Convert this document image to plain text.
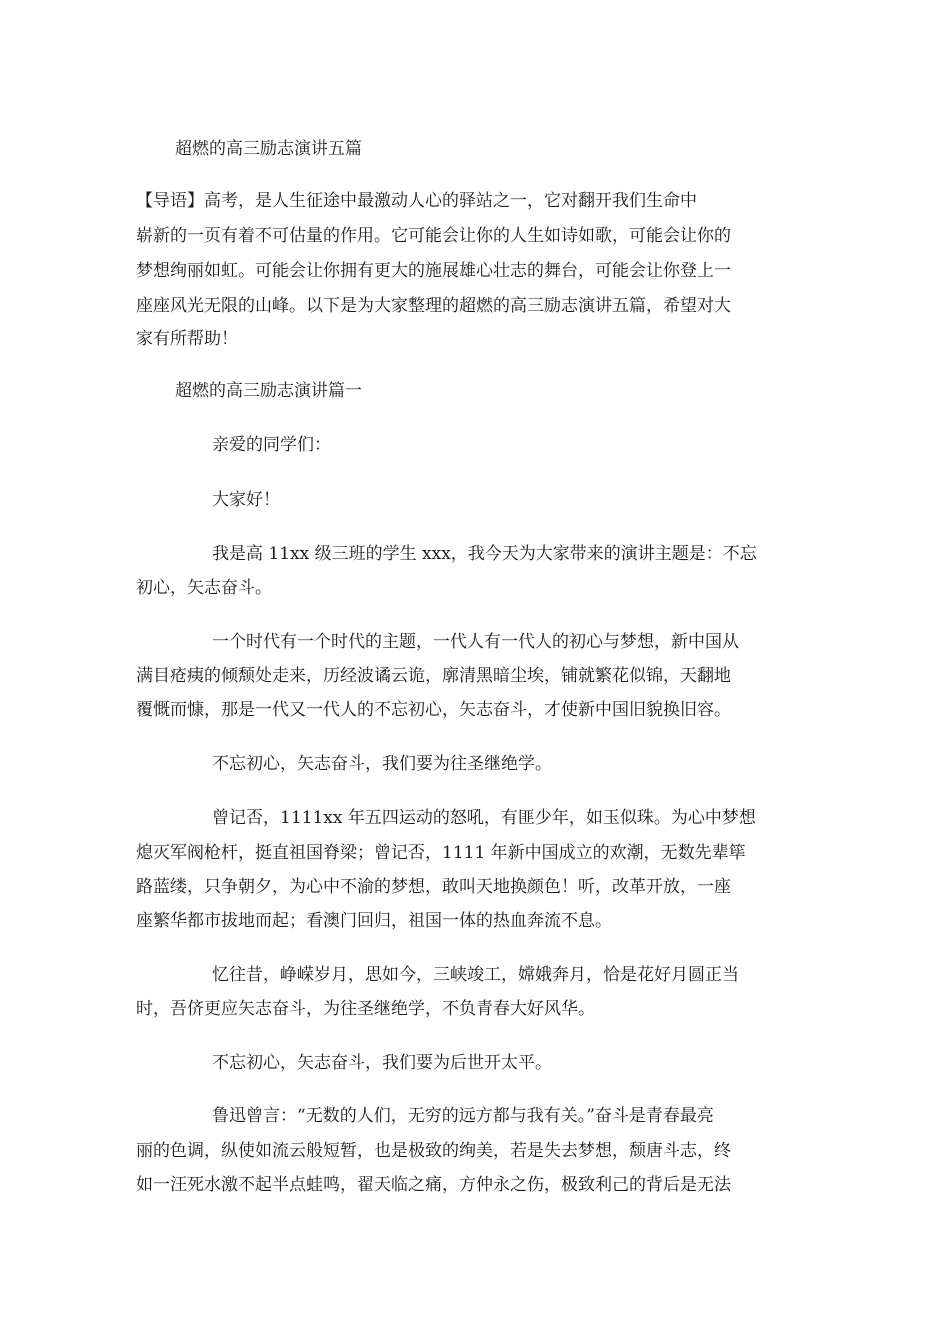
超燃的高三励志演讲五篇

【导语】高考，是人生征途中最激动人心的驿站之一，它对翻开我们生命中

崭新的一页有着不可估量的作用。它可能会让你的人生如诗如歌，可能会让你的

梦想绚丽如虹。可能会让你拥有更大的施展雄心壮志的舞台，可能会让你登上一

座座风光无限的山峰。以下是为大家整理的超燃的高三励志演讲五篇，希望对大

家有所帮助！

超燃的高三励志演讲篇一

亲爱的同学们：

大家好！

我是高 11xx 级三班的学生 xxx，我今天为大家带来的演讲主题是：不忘

初心，矢志奋斗。

一个时代有一个时代的主题，一代人有一代人的初心与梦想，新中国从

满目疮痍的倾颓处走来，历经波谲云诡，廓清黑暗尘埃，铺就繁花似锦，天翻地

覆慨而慷，那是一代又一代人的不忘初心，矢志奋斗，才使新中国旧貌换旧容。

不忘初心，矢志奋斗，我们要为往圣继绝学。

曾记否，1111xx 年五四运动的怒吼，有匪少年，如玉似珠。为心中梦想

熄灭军阀枪杆，挺直祖国脊梁；曾记否，1111 年新中国成立的欢潮，无数先辈筚

路蓝缕，只争朝夕，为心中不渝的梦想，敢叫天地换颜色！听，改革开放，一座

座繁华都市拔地而起；看澳门回归，祖国一体的热血奔流不息。

忆往昔，峥嵘岁月，思如今，三峡竣工，嫦娥奔月，恰是花好月圆正当

时，吾侪更应矢志奋斗，为往圣继绝学，不负青春大好风华。

不忘初心，矢志奋斗，我们要为后世开太平。

鲁迅曾言：“无数的人们，无穷的远方都与我有关。”奋斗是青春最亮

丽的色调，纵使如流云般短暂，也是极致的绚美，若是失去梦想，颓唐斗志，终

如一汪死水激不起半点蛙鸣，翟天临之痛，方仲永之伤，极致利己的背后是无法
